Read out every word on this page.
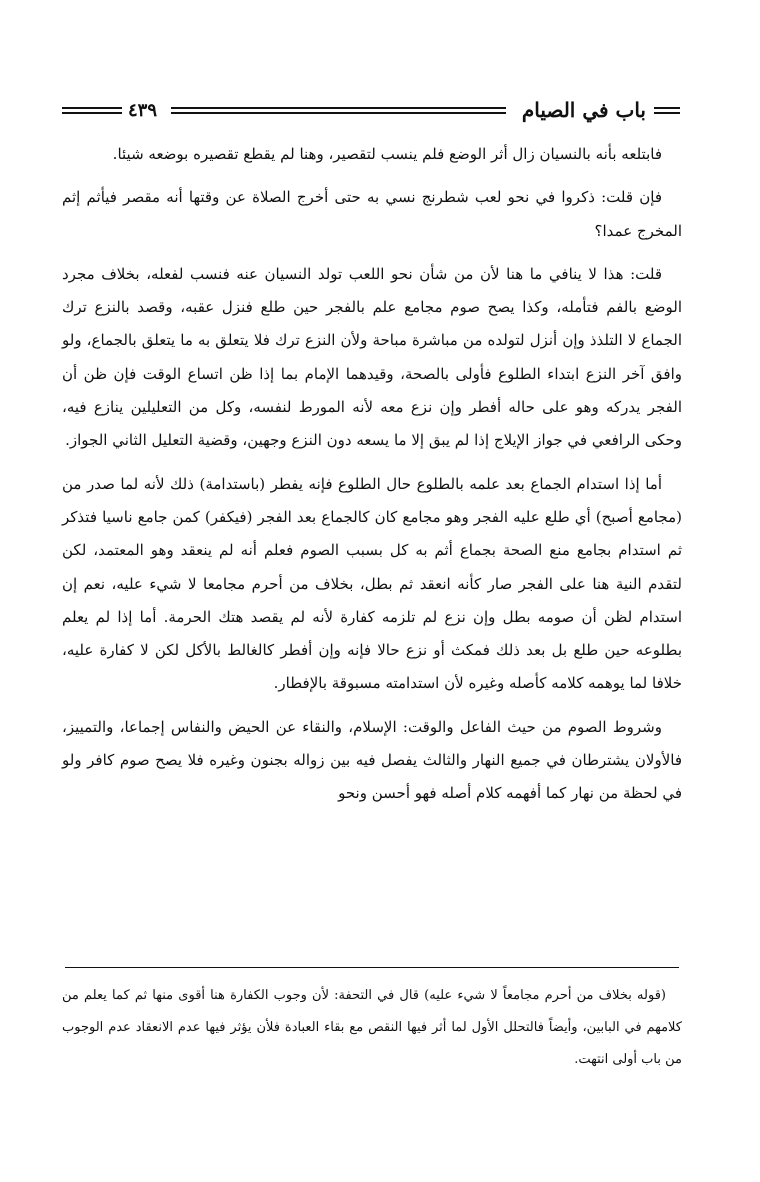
باب في الصيام
٤٣٩

فابتلعه بأنه بالنسيان زال أثر الوضع فلم ينسب لتقصير، وهنا لم يقطع تقصيره بوضعه شيئا.

فإن قلت: ذكروا في نحو لعب شطرنج نسي به حتى أخرج الصلاة عن وقتها أنه مقصر فيأثم إثم المخرج عمدا؟

قلت: هذا لا ينافي ما هنا لأن من شأن نحو اللعب تولد النسيان عنه فنسب لفعله، بخلاف مجرد الوضع بالفم فتأمله، وكذا يصح صوم مجامع علم بالفجر حين طلع فنزل عقبه، وقصد بالنزع ترك الجماع لا التلذذ وإن أنزل لتولده من مباشرة مباحة ولأن النزع ترك فلا يتعلق به ما يتعلق بالجماع، ولو وافق آخر النزع ابتداء الطلوع فأولى بالصحة، وقيدهما الإمام بما إذا ظن اتساع الوقت فإن ظن أن الفجر يدركه وهو على حاله أفطر وإن نزع معه لأنه المورط لنفسه، وكل من التعليلين ينازع فيه، وحكى الرافعي في جواز الإيلاج إذا لم يبق إلا ما يسعه دون النزع وجهين، وقضية التعليل الثاني الجواز.

أما إذا استدام الجماع بعد علمه بالطلوع حال الطلوع فإنه يفطر (باستدامة) ذلك لأنه لما صدر من (مجامع أصبح) أي طلع عليه الفجر وهو مجامع كان كالجماع بعد الفجر (فيكفر) كمن جامع ناسيا فتذكر ثم استدام بجامع منع الصحة بجماع أثم به كل بسبب الصوم فعلم أنه لم ينعقد وهو المعتمد، لكن لتقدم النية هنا على الفجر صار كأنه انعقد ثم بطل، بخلاف من أحرم مجامعا لا شيء عليه، نعم إن استدام لظن أن صومه بطل وإن نزع لم تلزمه كفارة لأنه لم يقصد هتك الحرمة. أما إذا لم يعلم بطلوعه حين طلع بل بعد ذلك فمكث أو نزع حالا فإنه وإن أفطر كالغالط بالأكل لكن لا كفارة عليه، خلافا لما يوهمه كلامه كأصله وغيره لأن استدامته مسبوقة بالإفطار.

وشروط الصوم من حيث الفاعل والوقت: الإسلام، والنقاء عن الحيض والنفاس إجماعا، والتمييز، فالأولان يشترطان في جميع النهار والثالث يفصل فيه بين زواله بجنون وغيره فلا يصح صوم كافر ولو في لحظة من نهار كما أفهمه كلام أصله فهو أحسن ونحو

(قوله بخلاف من أحرم مجامعاً لا شيء عليه) قال في التحفة: لأن وجوب الكفارة هنا أقوى منها ثم كما يعلم من كلامهم في البابين، وأيضاً فالتحلل الأول لما أثر فيها النقص مع بقاء العبادة فلأن يؤثر فيها عدم الانعقاد عدم الوجوب من باب أولى انتهت.
